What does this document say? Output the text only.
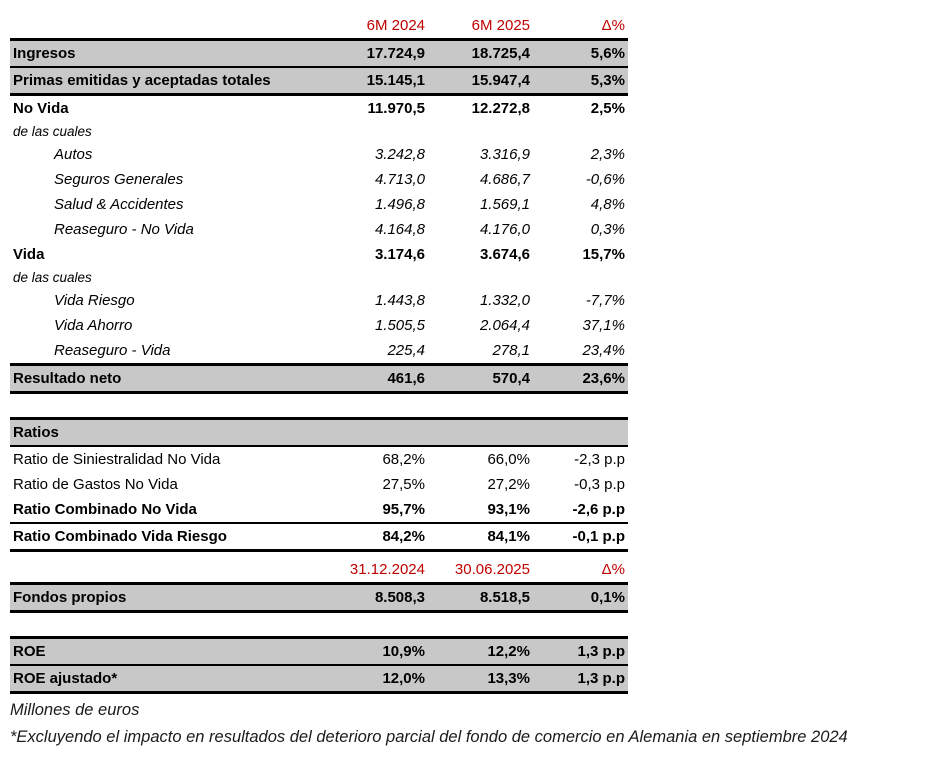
	6M 2024	6M 2025	Δ%
Ingresos	17.724,9	18.725,4	5,6%
Primas emitidas y aceptadas totales	15.145,1	15.947,4	5,3%
No Vida	11.970,5	12.272,8	2,5%
de las cuales			
Autos	3.242,8	3.316,9	2,3%
Seguros Generales	4.713,0	4.686,7	-0,6%
Salud & Accidentes	1.496,8	1.569,1	4,8%
Reaseguro - No Vida	4.164,8	4.176,0	0,3%
Vida	3.174,6	3.674,6	15,7%
de las cuales			
Vida Riesgo	1.443,8	1.332,0	-7,7%
Vida Ahorro	1.505,5	2.064,4	37,1%
Reaseguro - Vida	225,4	278,1	23,4%
Resultado neto	461,6	570,4	23,6%

Ratios			
Ratio de Siniestralidad No Vida	68,2%	66,0%	-2,3 p.p
Ratio de Gastos No Vida	27,5%	27,2%	-0,3 p.p
Ratio Combinado No Vida	95,7%	93,1%	-2,6 p.p
Ratio Combinado Vida Riesgo	84,2%	84,1%	-0,1 p.p
	31.12.2024	30.06.2025	Δ%
Fondos propios	8.508,3	8.518,5	0,1%

ROE	10,9%	12,2%	1,3 p.p
ROE ajustado*	12,0%	13,3%	1,3 p.p
Millones de euros
*Excluyendo el impacto en resultados del deterioro parcial del fondo de comercio en Alemania en septiembre 2024
